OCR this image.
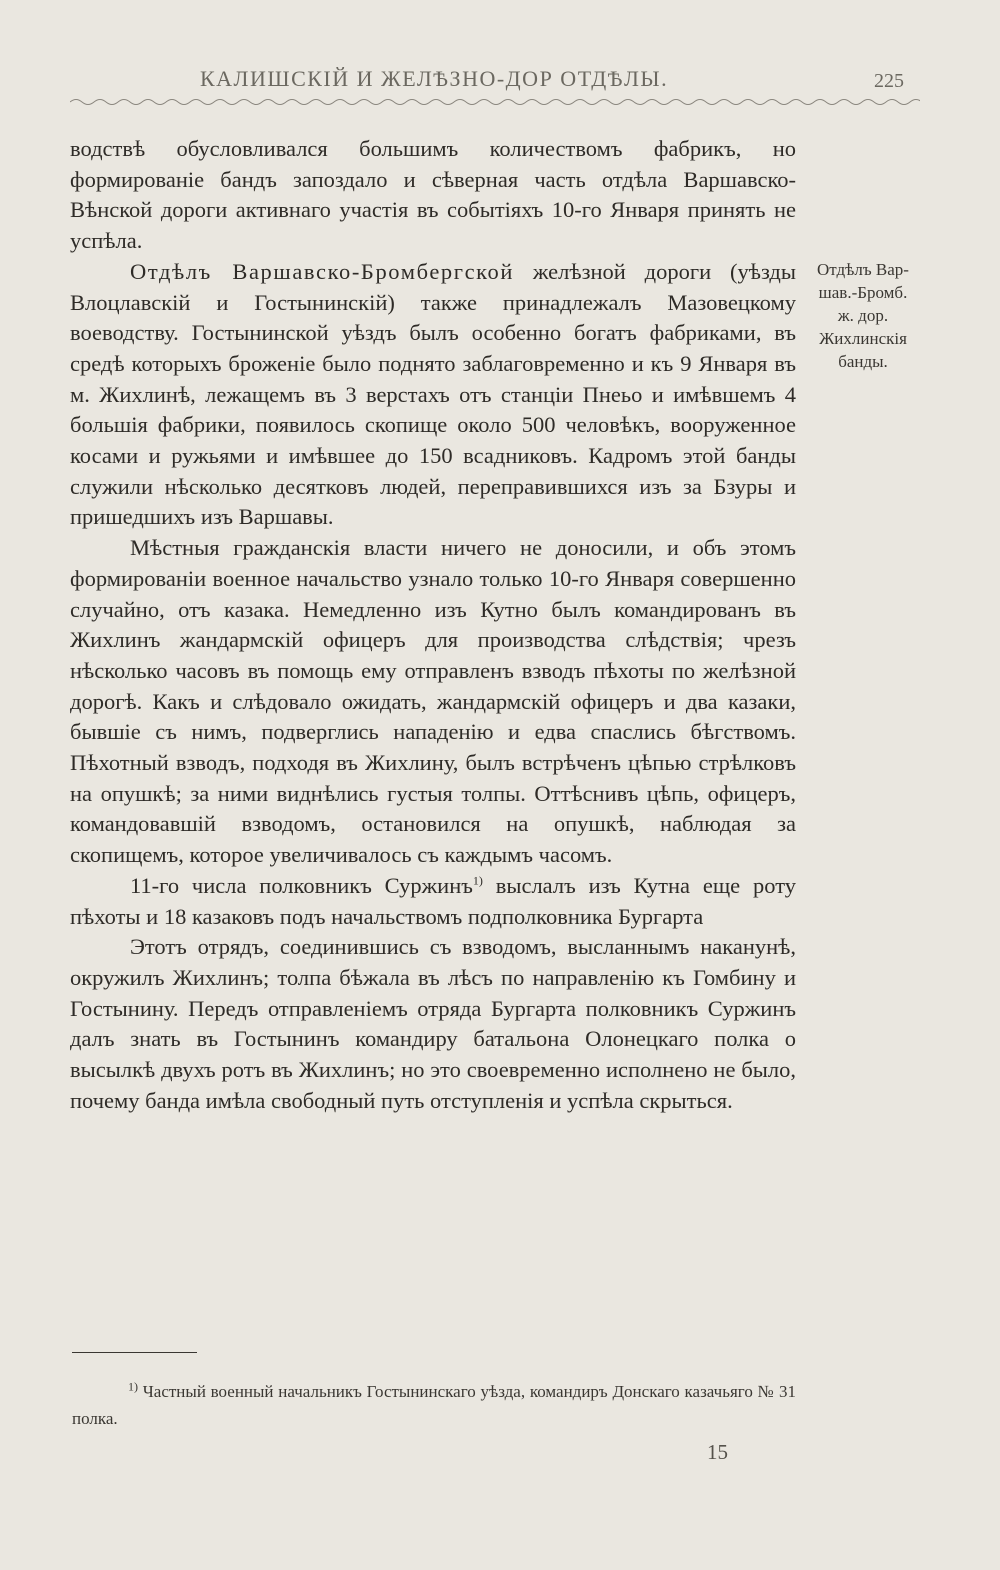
КАЛИШСКІЙ И ЖЕЛѢЗНО-ДОР ОТДѢЛЫ.	225

водствѣ обусловливался большимъ количествомъ фабрикъ, но формированіе бандъ запоздало и сѣверная часть отдѣла Варшавско-Вѣнской дороги активнаго участія въ событіяхъ 10-го Января принять не успѣла.

Отдѣлъ Варшавско-Бромбергской желѣзной дороги (уѣзды Влоцлавскій и Гостынинскій) также принадлежалъ Мазовецкому воеводству. Гостынинской уѣздъ былъ особенно богатъ фабриками, въ средѣ которыхъ броженіе было поднято заблаговременно и къ 9 Января въ м. Жихлинѣ, лежащемъ въ 3 верстахъ отъ станціи Пнеьо и имѣвшемъ 4 большія фабрики, появилось скопище около 500 человѣкъ, вооруженное косами и ружьями и имѣвшее до 150 всадниковъ. Кадромъ этой банды служили нѣсколько десятковъ людей, переправившихся изъ за Бзуры и пришедшихъ изъ Варшавы.

Мѣстныя гражданскія власти ничего не доносили, и объ этомъ формированіи военное начальство узнало только 10-го Января совершенно случайно, отъ казака. Немедленно изъ Кутно былъ командированъ въ Жихлинъ жандармскій офицеръ для производства слѣдствія; чрезъ нѣсколько часовъ въ помощь ему отправленъ взводъ пѣхоты по желѣзной дорогѣ. Какъ и слѣдовало ожидать, жандармскій офицеръ и два казаки, бывшіе съ нимъ, подверглись нападенію и едва спаслись бѣгствомъ. Пѣхотный взводъ, подходя въ Жихлину, былъ встрѣченъ цѣпью стрѣлковъ на опушкѣ; за ними виднѣлись густыя толпы. Оттѣснивъ цѣпь, офицеръ, командовавшій взводомъ, остановился на опушкѣ, наблюдая за скопищемъ, которое увеличивалось съ каждымъ часомъ.

11-го числа полковникъ Суржинъ$^{1)}$ выслалъ изъ Кутна еще роту пѣхоты и 18 казаковъ подъ начальствомъ подполковника Бургарта

Этотъ отрядъ, соединившись съ взводомъ, высланнымъ наканунѣ, окружилъ Жихлинъ; толпа бѣжала въ лѣсъ по направленію къ Гомбину и Гостынину. Передъ отправленіемъ отряда Бургарта полковникъ Суржинъ далъ знать въ Гостынинъ командиру батальона Олонецкаго полка о высылкѣ двухъ ротъ въ Жихлинъ; но это своевременно исполнено не было, почему банда имѣла свободный путь отступленія и успѣла скрыться.

Отдѣлъ Вар-
шав.-Бромб.
ж. дор.
Жихлинскія
банды.

$^{1)}$ Частный военный начальникъ Гостынинскаго уѣзда, командиръ Донскаго казачьяго № 31 полка.

15
